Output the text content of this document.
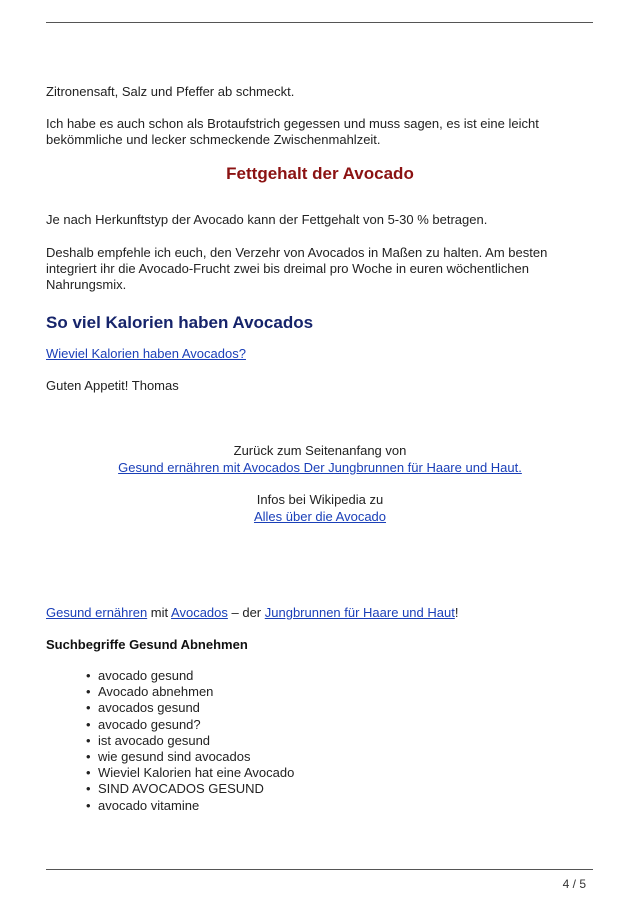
Zitronensaft, Salz und Pfeffer ab schmeckt.

Ich habe es auch schon als Brotaufstrich gegessen und muss sagen, es ist eine leicht bekömmliche und lecker schmeckende Zwischenmahlzeit.

Fettgehalt der Avocado

Je nach Herkunftstyp der Avocado kann der Fettgehalt von 5-30 % betragen.

Deshalb empfehle ich euch, den Verzehr von Avocados in Maßen zu halten. Am besten integriert ihr die Avocado-Frucht zwei bis dreimal pro Woche in euren wöchentlichen Nahrungsmix.

So viel Kalorien haben Avocados

Wieviel Kalorien haben Avocados?

Guten Appetit! Thomas

Zurück zum Seitenanfang von

Gesund ernähren mit Avocados Der Jungbrunnen für Haare und Haut.

Infos bei Wikipedia zu

Alles über die Avocado

Gesund ernähren mit Avocados – der Jungbrunnen für Haare und Haut!

Suchbegriffe Gesund Abnehmen

• avocado gesund
• Avocado abnehmen
• avocados gesund
• avocado gesund?
• ist avocado gesund
• wie gesund sind avocados
• Wieviel Kalorien hat eine Avocado
• SIND AVOCADOS GESUND
• avocado vitamine
4 / 5
